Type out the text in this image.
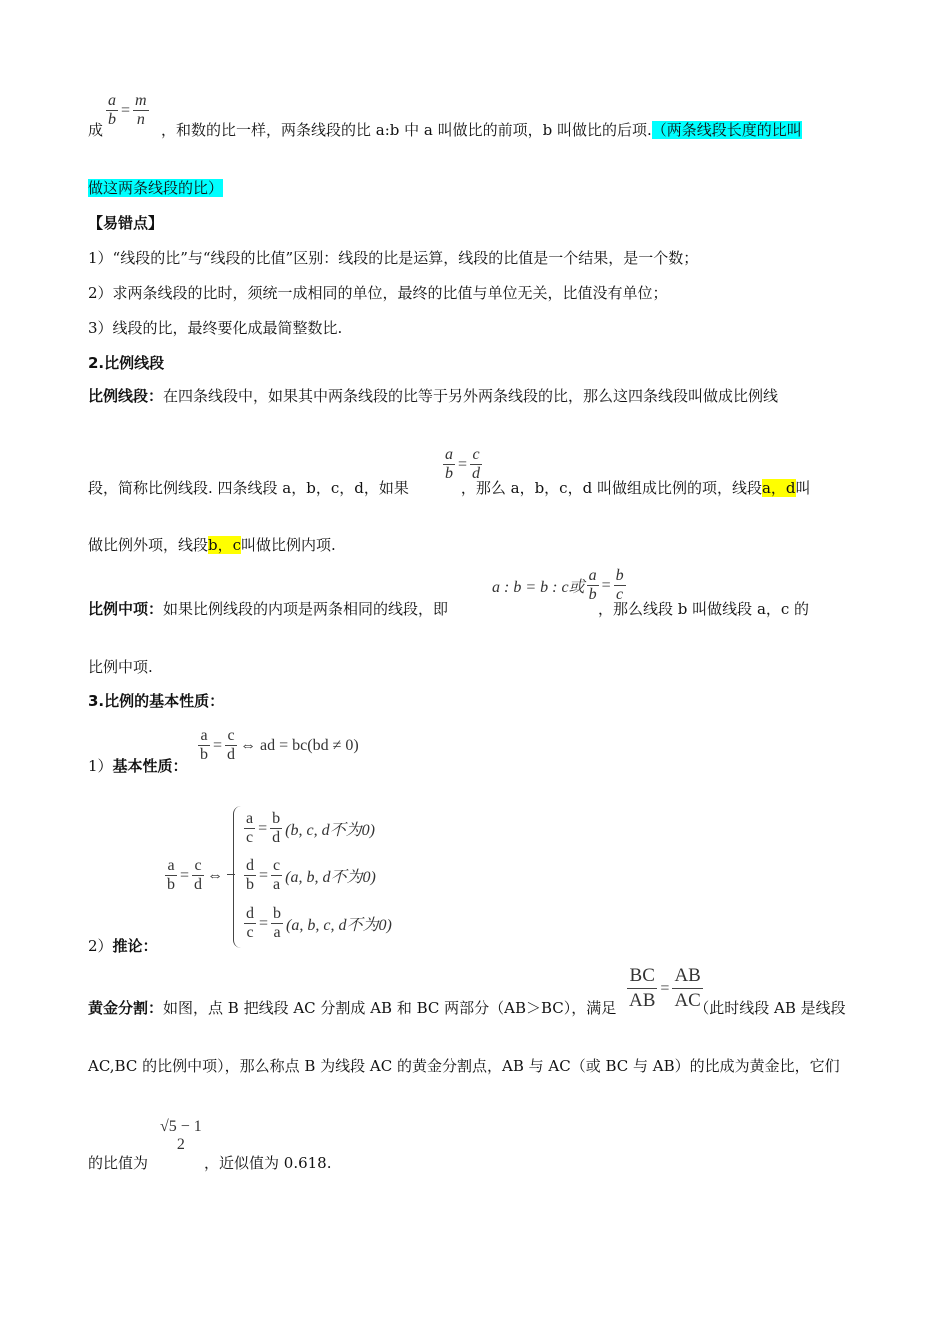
$\frac{a}{b} = \frac{m}{n}$
成	，和数的比一样，两条线段的比 a:b 中 a 叫做比的前项，b 叫做比的后项.（两条线段长度的比叫
做这两条线段的比）
【易错点】
1）“线段的比”与“线段的比值”区别：线段的比是运算，线段的比值是一个结果，是一个数；
2）求两条线段的比时，须统一成相同的单位，最终的比值与单位无关，比值没有单位；
3）线段的比，最终要化成最简整数比.
2.比例线段
比例线段：在四条线段中，如果其中两条线段的比等于另外两条线段的比，那么这四条线段叫做成比例线
$\frac{a}{b} = \frac{c}{d}$
段，简称比例线段. 四条线段 a，b，c，d，如果	，那么 a，b，c，d 叫做组成比例的项，线段a，d叫
做比例外项，线段b，c叫做比例内项.
a : b = b : c或 $\frac{a}{b} = \frac{b}{c}$
比例中项：如果比例线段的内项是两条相同的线段，即	，那么线段 b 叫做线段 a，c 的
比例中项.
3.比例的基本性质：
$\frac{a}{b} = \frac{c}{d}$ ⇔ ad = bc(bd ≠ 0)
1）基本性质：
$\frac{a}{b} = \frac{c}{d}$ ⇔
$\frac{a}{c} = \frac{b}{d} (b$, c, d不为0)
$\frac{d}{b} = \frac{c}{a} (a$, b, d不为0)
$\frac{d}{c} = \frac{b}{a} (a$, b, c, d不为0)
2）推论：
$\frac{BC}{AB} = \frac{AB}{AC}$
黄金分割：如图，点 B 把线段 AC 分割成 AB 和 BC 两部分（AB＞BC），满足	（此时线段 AB 是线段
AC,BC 的比例中项），那么称点 B 为线段 AC 的黄金分割点，AB 与 AC（或 BC 与 AB）的比成为黄金比，它们
√5 − 1
2
的比值为	，近似值为 0.618.
